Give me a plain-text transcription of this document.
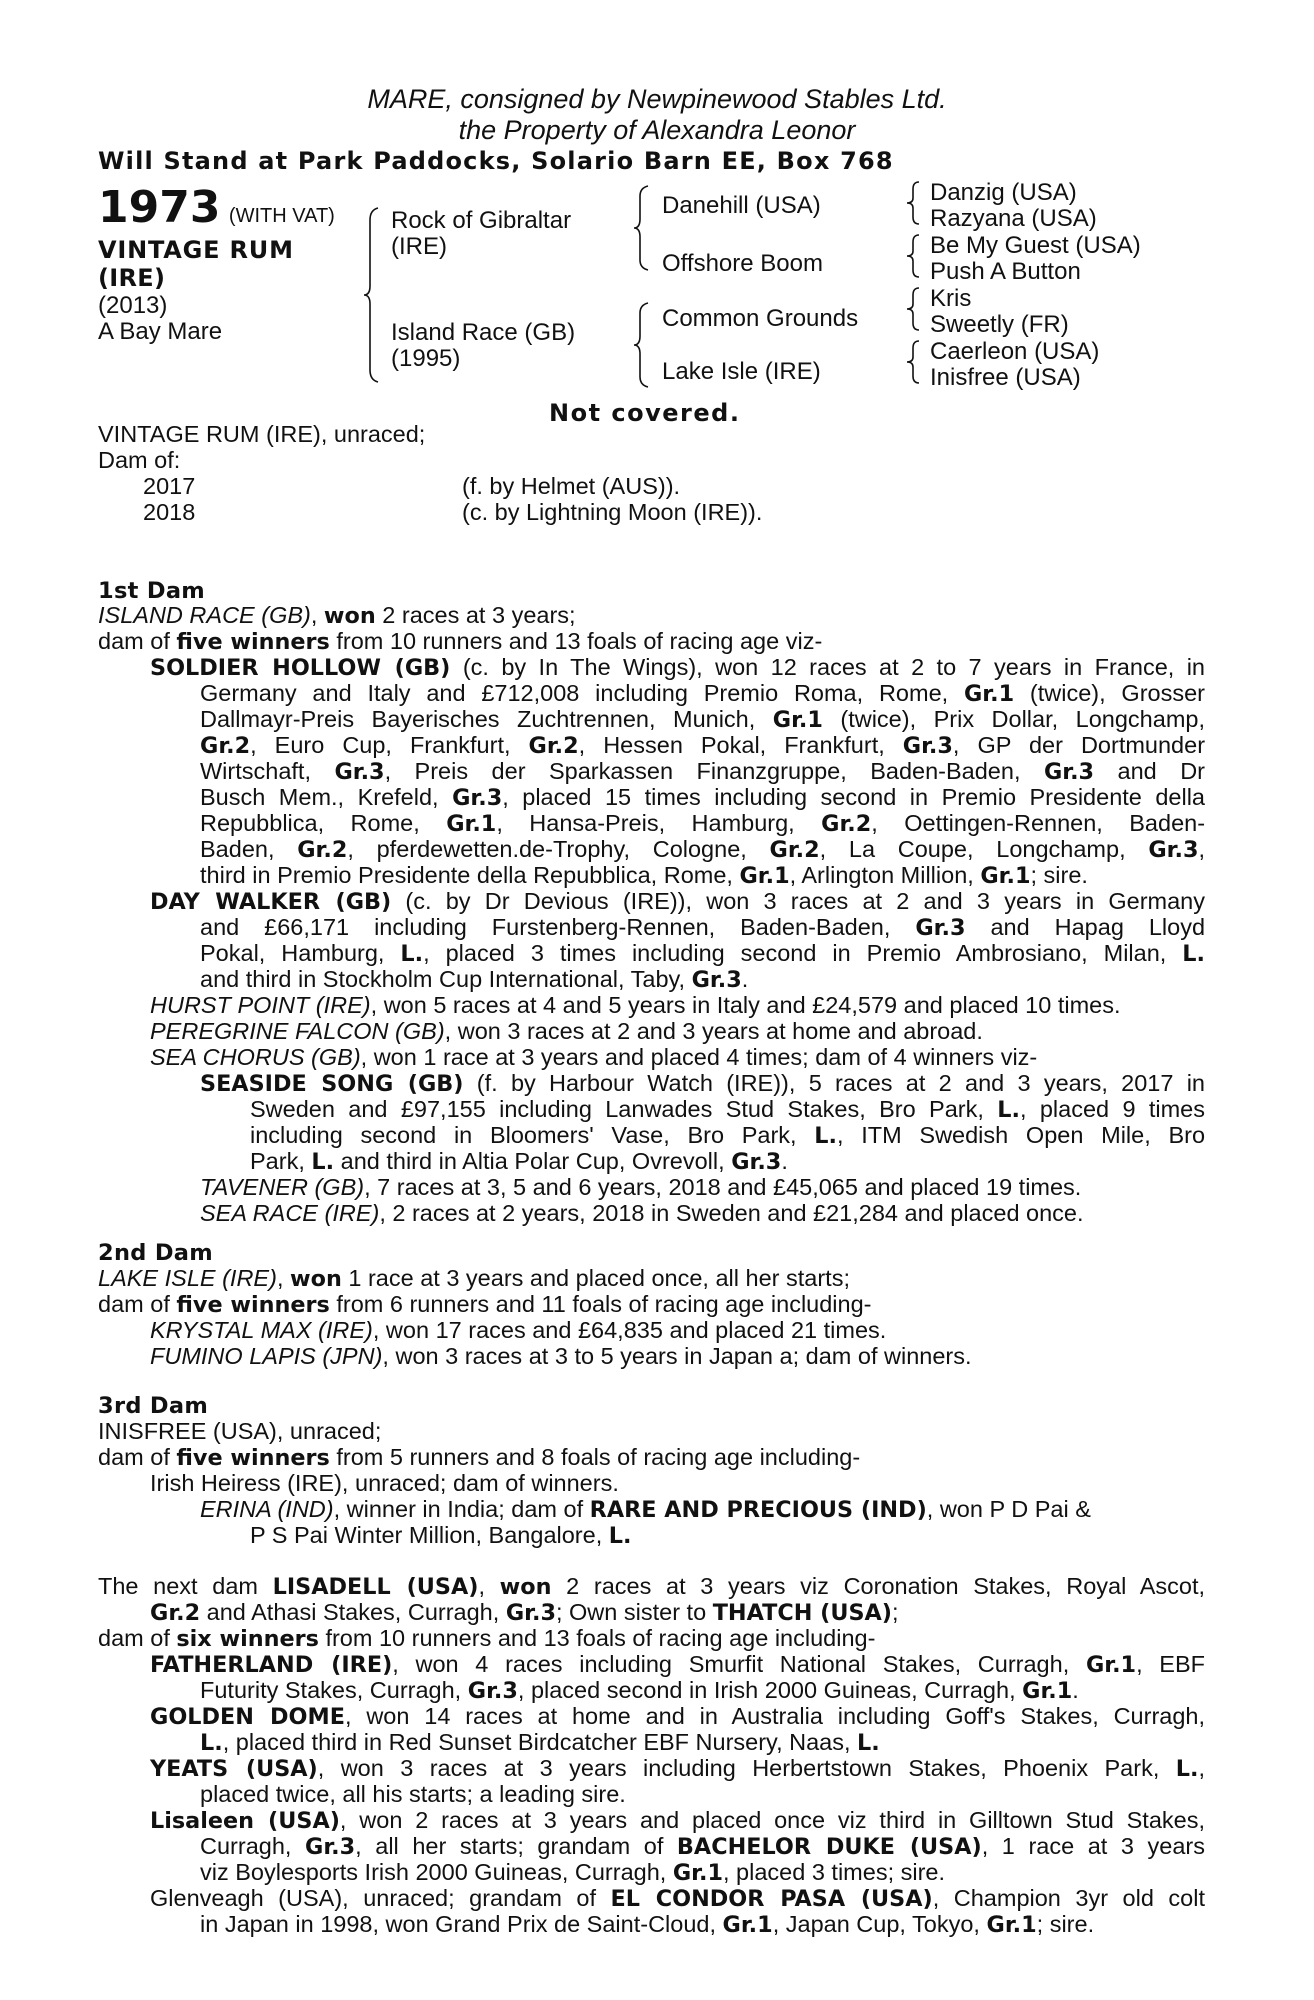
MARE, consigned by Newpinewood Stables Ltd.
the Property of Alexandra Leonor
Will Stand at Park Paddocks, Solario Barn EE, Box 768
1973 (WITH VAT)
VINTAGE RUM
(IRE)
(2013)
A Bay Mare
Rock of Gibraltar
(IRE)
Island Race (GB)
(1995)
Danehill (USA)
Offshore Boom
Common Grounds
Lake Isle (IRE)
Danzig (USA)
Razyana (USA)
Be My Guest (USA)
Push A Button
Kris
Sweetly (FR)
Caerleon (USA)
Inisfree (USA)
Not covered.
VINTAGE RUM (IRE), unraced;
Dam of:
2017	(f. by Helmet (AUS)).
2018	(c. by Lightning Moon (IRE)).
1st Dam
ISLAND RACE (GB), won 2 races at 3 years;
dam of five winners from 10 runners and 13 foals of racing age viz-
SOLDIER HOLLOW (GB) (c. by In The Wings), won 12 races at 2 to 7 years in France, in
Germany and Italy and £712,008 including Premio Roma, Rome, Gr.1 (twice), Grosser
Dallmayr-Preis Bayerisches Zuchtrennen, Munich, Gr.1 (twice), Prix Dollar, Longchamp,
Gr.2, Euro Cup, Frankfurt, Gr.2, Hessen Pokal, Frankfurt, Gr.3, GP der Dortmunder
Wirtschaft, Gr.3, Preis der Sparkassen Finanzgruppe, Baden-Baden, Gr.3 and Dr
Busch Mem., Krefeld, Gr.3, placed 15 times including second in Premio Presidente della
Repubblica, Rome, Gr.1, Hansa-Preis, Hamburg, Gr.2, Oettingen-Rennen, Baden-
Baden, Gr.2, pferdewetten.de-Trophy, Cologne, Gr.2, La Coupe, Longchamp, Gr.3,
third in Premio Presidente della Repubblica, Rome, Gr.1, Arlington Million, Gr.1; sire.
DAY WALKER (GB) (c. by Dr Devious (IRE)), won 3 races at 2 and 3 years in Germany
and £66,171 including Furstenberg-Rennen, Baden-Baden, Gr.3 and Hapag Lloyd
Pokal, Hamburg, L., placed 3 times including second in Premio Ambrosiano, Milan, L.
and third in Stockholm Cup International, Taby, Gr.3.
HURST POINT (IRE), won 5 races at 4 and 5 years in Italy and £24,579 and placed 10 times.
PEREGRINE FALCON (GB), won 3 races at 2 and 3 years at home and abroad.
SEA CHORUS (GB), won 1 race at 3 years and placed 4 times; dam of 4 winners viz-
SEASIDE SONG (GB) (f. by Harbour Watch (IRE)), 5 races at 2 and 3 years, 2017 in
Sweden and £97,155 including Lanwades Stud Stakes, Bro Park, L., placed 9 times
including second in Bloomers' Vase, Bro Park, L., ITM Swedish Open Mile, Bro
Park, L. and third in Altia Polar Cup, Ovrevoll, Gr.3.
TAVENER (GB), 7 races at 3, 5 and 6 years, 2018 and £45,065 and placed 19 times.
SEA RACE (IRE), 2 races at 2 years, 2018 in Sweden and £21,284 and placed once.
2nd Dam
LAKE ISLE (IRE), won 1 race at 3 years and placed once, all her starts;
dam of five winners from 6 runners and 11 foals of racing age including-
KRYSTAL MAX (IRE), won 17 races and £64,835 and placed 21 times.
FUMINO LAPIS (JPN), won 3 races at 3 to 5 years in Japan a; dam of winners.
3rd Dam
INISFREE (USA), unraced;
dam of five winners from 5 runners and 8 foals of racing age including-
Irish Heiress (IRE), unraced; dam of winners.
ERINA (IND), winner in India; dam of RARE AND PRECIOUS (IND), won P D Pai &
P S Pai Winter Million, Bangalore, L.
The next dam LISADELL (USA), won 2 races at 3 years viz Coronation Stakes, Royal Ascot,
Gr.2 and Athasi Stakes, Curragh, Gr.3; Own sister to THATCH (USA);
dam of six winners from 10 runners and 13 foals of racing age including-
FATHERLAND (IRE), won 4 races including Smurfit National Stakes, Curragh, Gr.1, EBF
Futurity Stakes, Curragh, Gr.3, placed second in Irish 2000 Guineas, Curragh, Gr.1.
GOLDEN DOME, won 14 races at home and in Australia including Goff's Stakes, Curragh,
L., placed third in Red Sunset Birdcatcher EBF Nursery, Naas, L.
YEATS (USA), won 3 races at 3 years including Herbertstown Stakes, Phoenix Park, L.,
placed twice, all his starts; a leading sire.
Lisaleen (USA), won 2 races at 3 years and placed once viz third in Gilltown Stud Stakes,
Curragh, Gr.3, all her starts; grandam of BACHELOR DUKE (USA), 1 race at 3 years
viz Boylesports Irish 2000 Guineas, Curragh, Gr.1, placed 3 times; sire.
Glenveagh (USA), unraced; grandam of EL CONDOR PASA (USA), Champion 3yr old colt
in Japan in 1998, won Grand Prix de Saint-Cloud, Gr.1, Japan Cup, Tokyo, Gr.1; sire.
